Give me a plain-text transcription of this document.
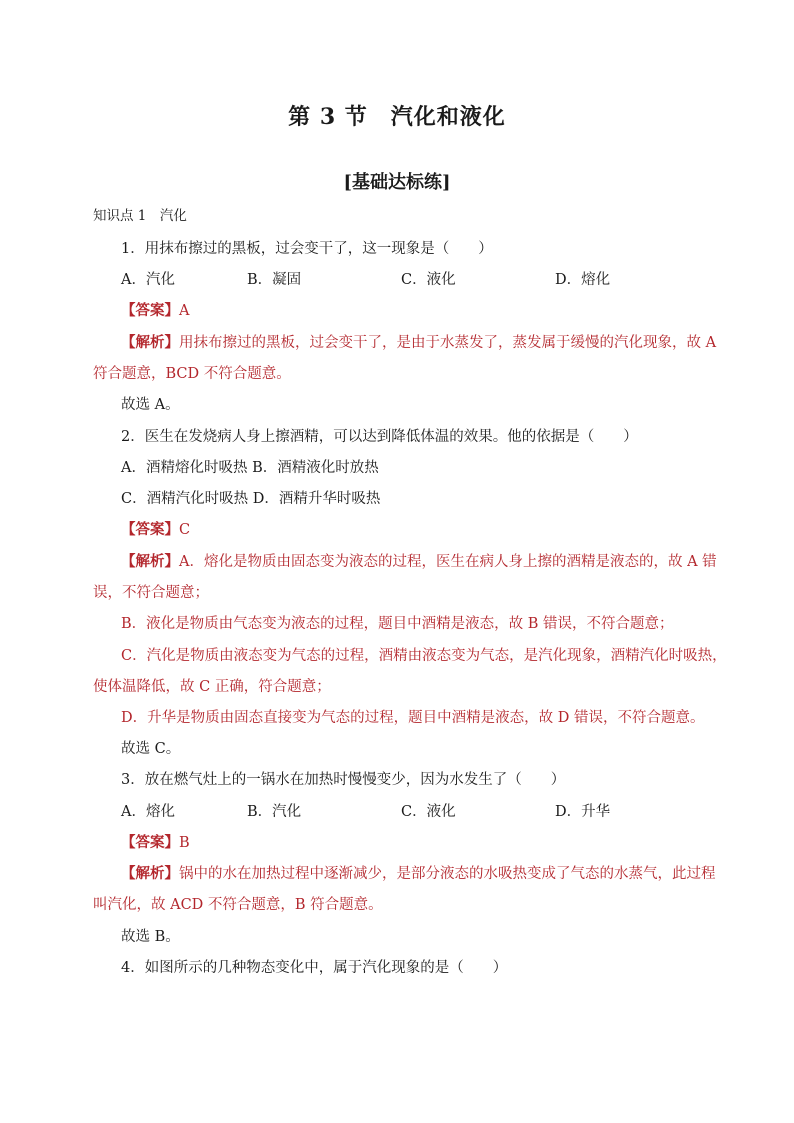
第 3 节　汽化和液化
[基础达标练]
知识点 1　汽化
1．用抹布擦过的黑板，过会变干了，这一现象是（　　）
A．汽化	B．凝固	C．液化	D．熔化
【答案】A
【解析】用抹布擦过的黑板，过会变干了，是由于水蒸发了，蒸发属于缓慢的汽化现象，故 A
符合题意，BCD 不符合题意。
故选 A。
2．医生在发烧病人身上擦酒精，可以达到降低体温的效果。他的依据是（　　）
A．酒精熔化时吸热 B．酒精液化时放热
C．酒精汽化时吸热 D．酒精升华时吸热
【答案】C
【解析】A．熔化是物质由固态变为液态的过程，医生在病人身上擦的酒精是液态的，故 A 错
误，不符合题意；
B．液化是物质由气态变为液态的过程，题目中酒精是液态，故 B 错误，不符合题意；
C．汽化是物质由液态变为气态的过程，酒精由液态变为气态，是汽化现象，酒精汽化时吸热，
使体温降低，故 C 正确，符合题意；
D．升华是物质由固态直接变为气态的过程，题目中酒精是液态，故 D 错误，不符合题意。
故选 C。
3．放在燃气灶上的一锅水在加热时慢慢变少，因为水发生了（　　）
A．熔化	B．汽化	C．液化	D．升华
【答案】B
【解析】锅中的水在加热过程中逐渐减少，是部分液态的水吸热变成了气态的水蒸气，此过程
叫汽化，故 ACD 不符合题意，B 符合题意。
故选 B。
4．如图所示的几种物态变化中，属于汽化现象的是（　　）
